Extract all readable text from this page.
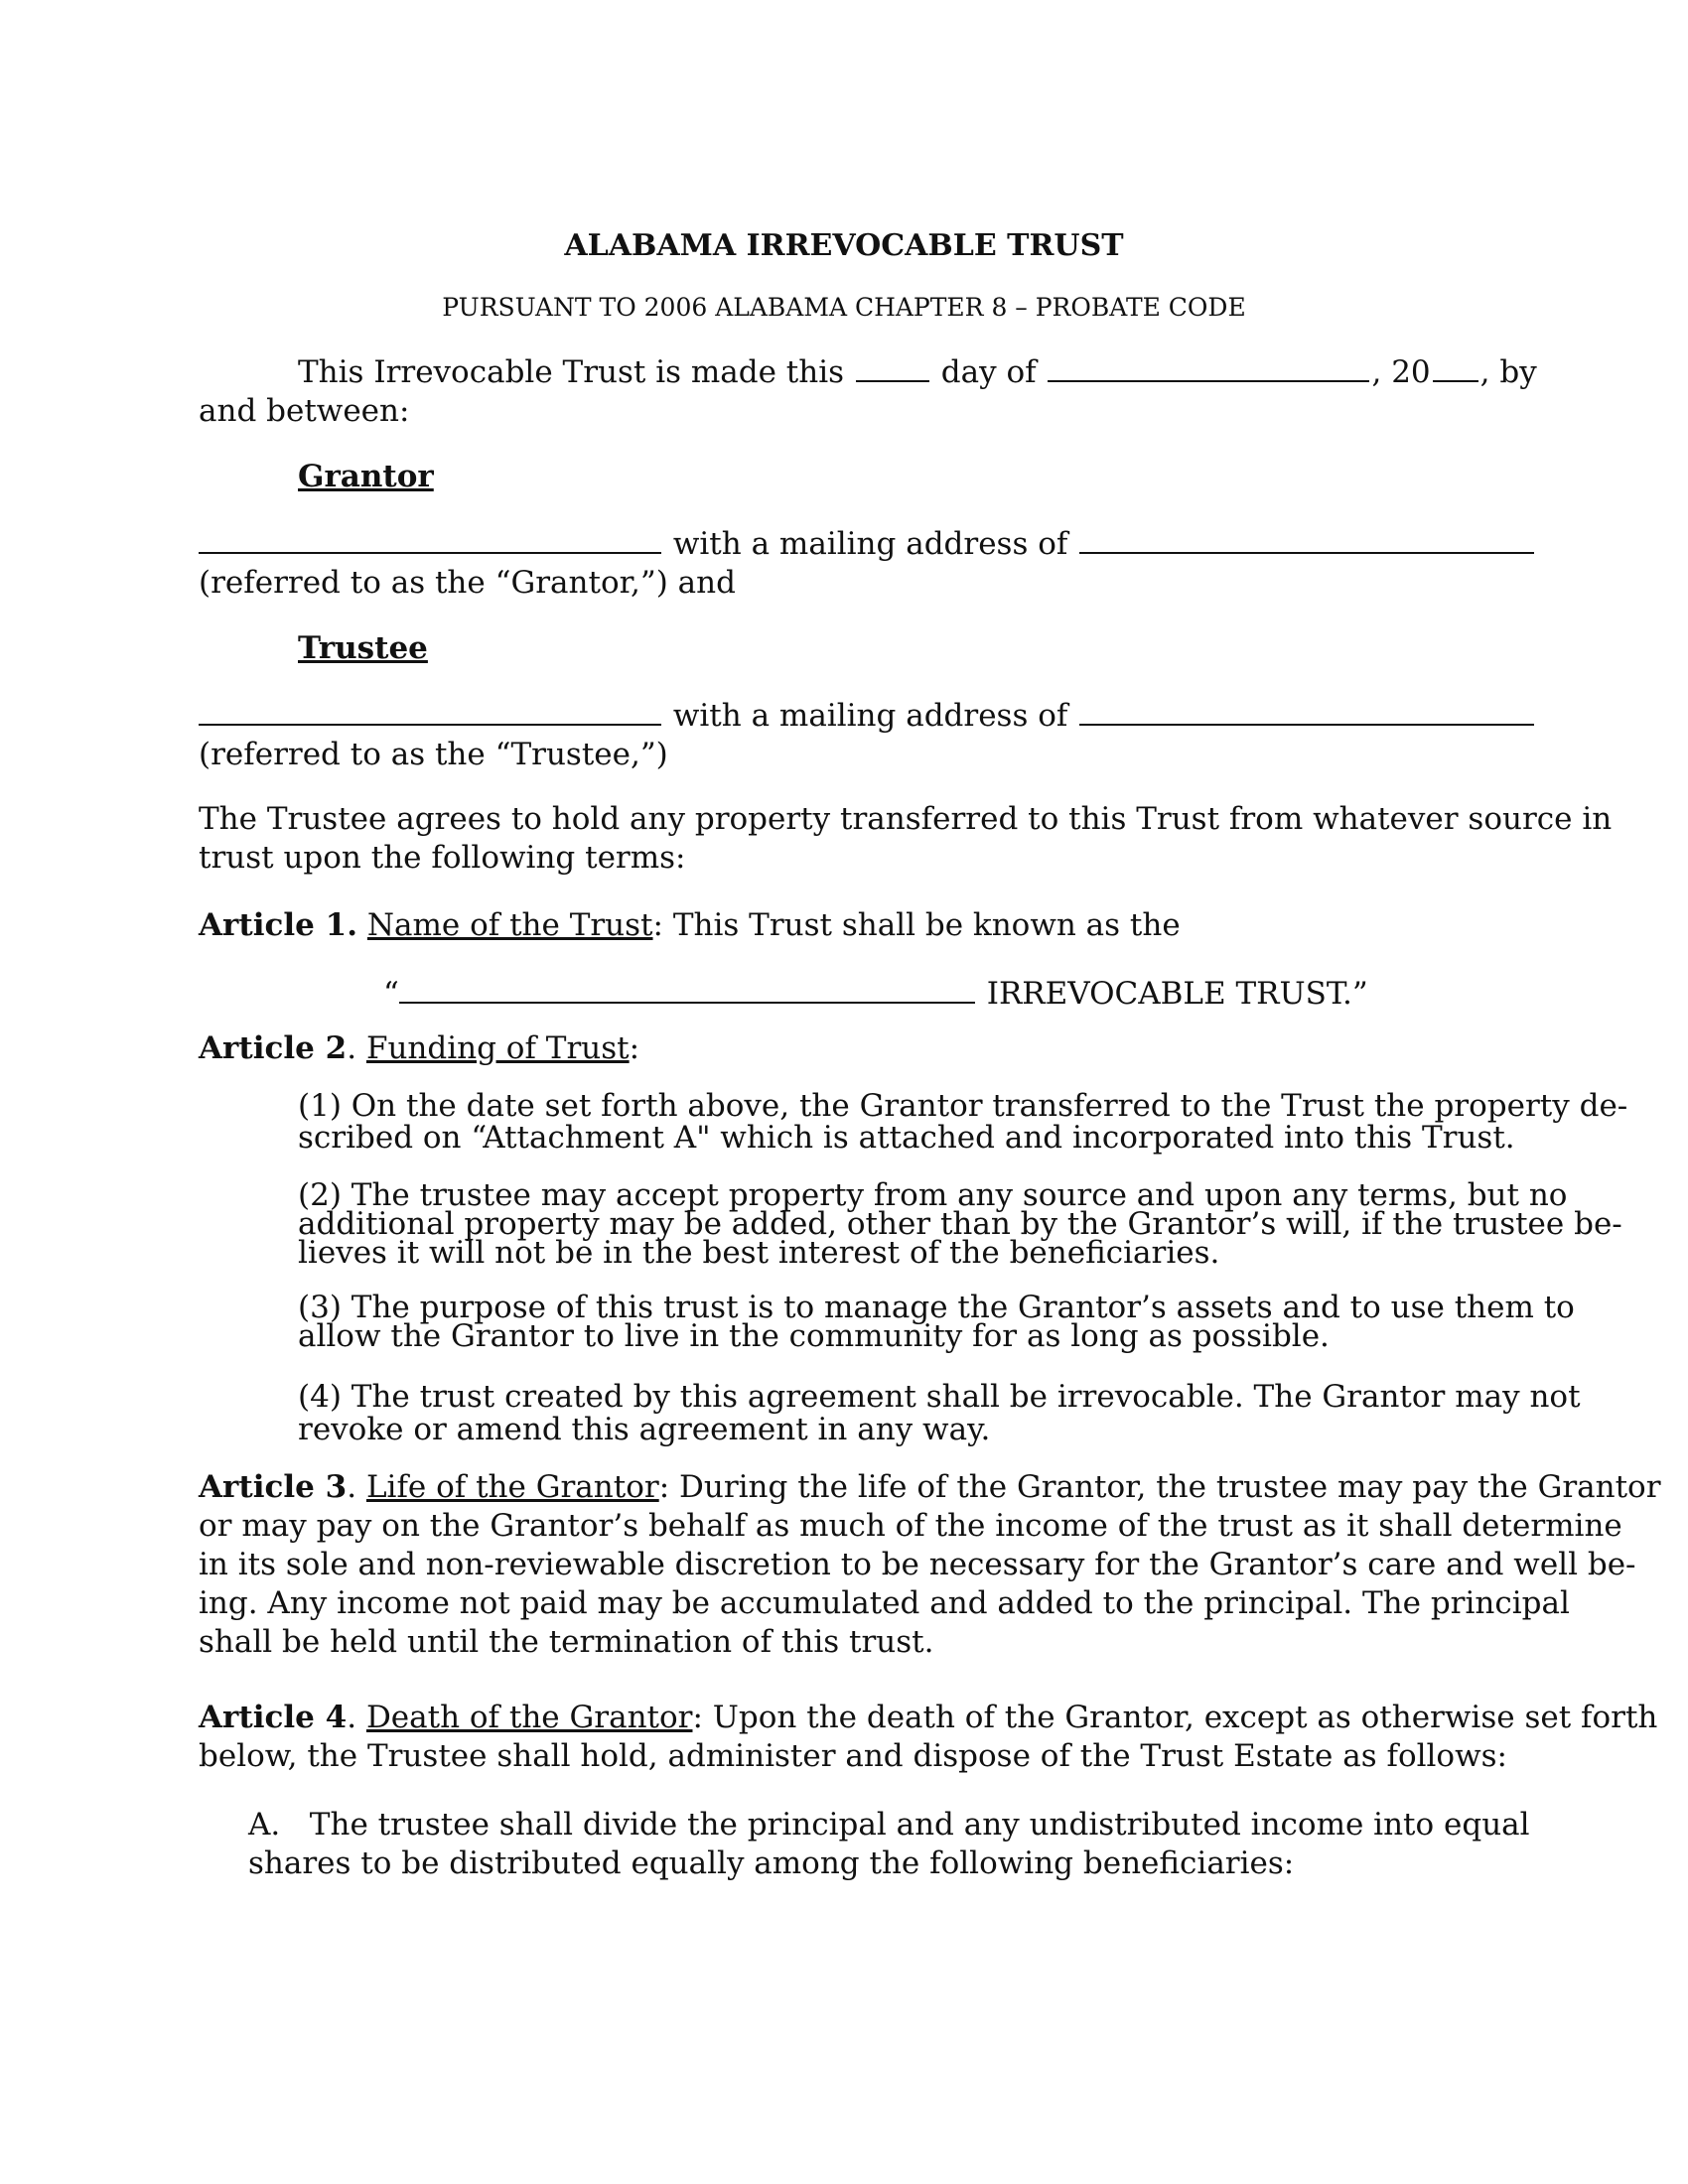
ALABAMA IRREVOCABLE TRUST
PURSUANT TO 2006 ALABAMA CHAPTER 8 – PROBATE CODE
This Irrevocable Trust is made this	day of	, 20 , by
and between:
Grantor
with a mailing address of
(referred to as the “Grantor,”) and
Trustee
with a mailing address of
(referred to as the “Trustee,”)
The Trustee agrees to hold any property transferred to this Trust from whatever source in
trust upon the following terms:
Article 1. Name of the Trust: This Trust shall be known as the
“	IRREVOCABLE TRUST.”
Article 2. Funding of Trust:
(1) On the date set forth above, the Grantor transferred to the Trust the property de-
scribed on “Attachment A" which is attached and incorporated into this Trust.
(2) The trustee may accept property from any source and upon any terms, but no
additional property may be added, other than by the Grantor’s will, if the trustee be-
lieves it will not be in the best interest of the beneficiaries.
(3) The purpose of this trust is to manage the Grantor’s assets and to use them to
allow the Grantor to live in the community for as long as possible.
(4) The trust created by this agreement shall be irrevocable. The Grantor may not
revoke or amend this agreement in any way.
Article 3. Life of the Grantor: During the life of the Grantor, the trustee may pay the Grantor
or may pay on the Grantor’s behalf as much of the income of the trust as it shall determine
in its sole and non-reviewable discretion to be necessary for the Grantor’s care and well be-
ing. Any income not paid may be accumulated and added to the principal. The principal
shall be held until the termination of this trust.
Article 4. Death of the Grantor: Upon the death of the Grantor, except as otherwise set forth
below, the Trustee shall hold, administer and dispose of the Trust Estate as follows:
A.   The trustee shall divide the principal and any undistributed income into equal
shares to be distributed equally among the following beneficiaries:
